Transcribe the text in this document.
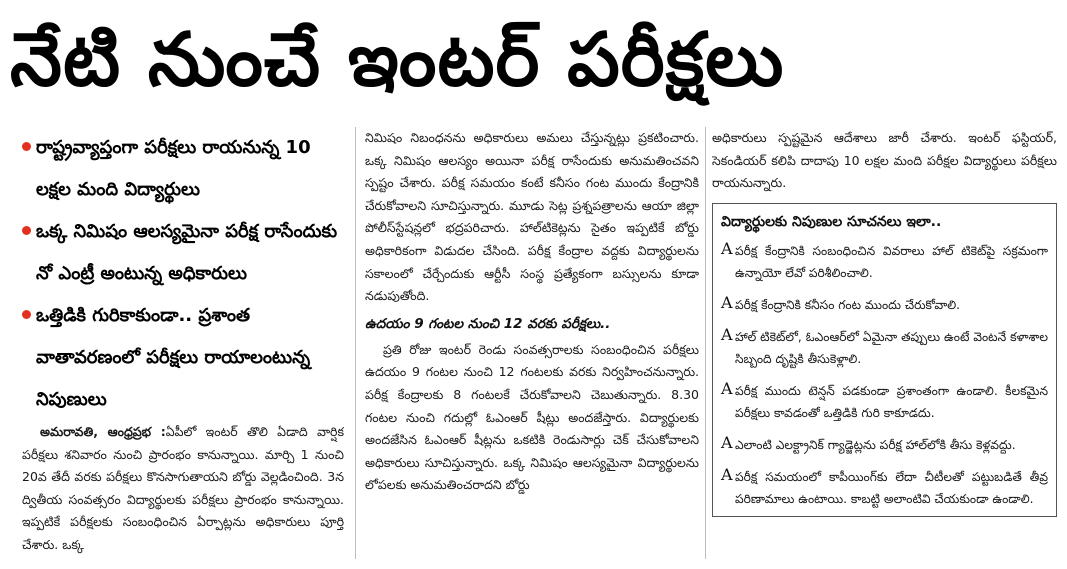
నేటి నుంచే ఇంటర్ పరీక్షలు
రాష్ట్రవ్యాప్తంగా పరీక్షలు రాయనున్న 10 లక్షల మంది విద్యార్థులు
ఒక్క నిమిషం ఆలస్యమైనా పరీక్ష రాసేందుకు నో ఎంట్రీ అంటున్న అధికారులు
ఒత్తిడికి గురికాకుండా.. ప్రశాంత వాతావరణంలో పరీక్షలు రాయాలంటున్న నిపుణులు

అమరావతి, ఆంధ్రప్రభ :ఏపీలో ఇంటర్ తొలి ఏడాది వార్షిక పరీక్షలు శనివారం నుంచి ప్రారంభం కానున్నాయి. మార్చి 1 నుంచి 20వ తేదీ వరకు పరీక్షలు కొనసాగుతాయని బోర్డు వెల్లడించింది. 3న ద్వితీయ సంవత్సరం విద్యార్థులకు పరీక్షలు ప్రారంభం కానున్నాయి. ఇప్పటికే పరీక్షలకు సంబంధించిన ఏర్పాట్లను అధికారులు పూర్తి చేశారు. ఒక్క

నిమిషం నిబంధనను అధికారులు అమలు చేస్తున్నట్లు ప్రకటించారు. ఒక్క నిమిషం ఆలస్యం అయినా పరీక్ష రాసేందుకు అనుమతించవని స్పష్టం చేశారు. పరీక్ష సమయం కంటే కనీసం గంట ముందు కేంద్రానికి చేరుకోవాలని సూచిస్తున్నారు. మూడు సెట్ల ప్రశ్నపత్రాలను ఆయా జిల్లా పోలీస్‌స్టేషన్లలో భద్రపరిచారు. హాల్‌టికెట్లను సైతం ఇప్పటికే బోర్డు అధికారికంగా విడుదల చేసింది. పరీక్ష కేంద్రాల వద్దకు విద్యార్థులను సకాలంలో చేర్చేందుకు ఆర్టీసీ సంస్థ ప్రత్యేకంగా బస్సులను కూడా నడుపుతోంది.

ఉదయం 9 గంటల నుంచి 12 వరకు పరీక్షలు..

ప్రతి రోజు ఇంటర్ రెండు సంవత్సరాలకు సంబంధించిన పరీక్షలు ఉదయం 9 గంటల నుంచి 12 గంటలకు వరకు నిర్వహించనున్నారు. పరీక్ష కేంద్రాలకు 8 గంటలకే చేరుకోవాలని చెబుతున్నారు. 8.30 గంటల నుంచి గదుల్లో ఓఎంఆర్ షీట్లు అందజేస్తారు. విద్యార్థులకు అందజేసిన ఓఎంఆర్ షీట్లను ఒకటికి రెండుసార్లు చెక్ చేసుకోవాలని అధికారులు సూచిస్తున్నారు. ఒక్క నిమిషం ఆలస్యమైనా విద్యార్థులను లోపలకు అనుమతించరాదని బోర్డు

అధికారులు స్పష్టమైన ఆదేశాలు జారీ చేశారు. ఇంటర్ ఫస్టియర్, సెకండియర్ కలిపి దాదాపు 10 లక్షల మంది పరీక్షల విద్యార్థులు పరీక్షలు రాయనున్నారు.

విద్యార్థులకు నిపుణుల సూచనలు ఇలా..
A పరీక్ష కేంద్రానికి సంబంధించిన వివరాలు హాల్ టికెట్‌పై సక్రమంగా ఉన్నాయో లేవో పరిశీలించాలి.
A పరీక్ష కేంద్రానికి కనీసం గంట ముందు చేరుకోవాలి.
A హాల్ టికెట్‌లో, ఓఎంఆర్‌లో ఏమైనా తప్పులు ఉంటే వెంటనే కళాశాల సిబ్బంది దృష్టికి తీసుకెళ్లాలి.
A పరీక్ష ముందు టెన్షన్ పడకుండా ప్రశాంతంగా ఉండాలి. కీలకమైన పరీక్షలు కావడంతో ఒత్తిడికి గురి కాకూడదు.
A ఎలాంటి ఎలక్ట్రానిక్ గ్యాడ్జెట్లను పరీక్ష హాల్‌లోకి తీసు కెళ్లవద్దు.
A పరీక్ష సమయంలో కాపీయింగ్‌కు లేదా చీటీలతో పట్టుబడితే తీవ్ర పరిణామాలు ఉంటాయి. కాబట్టి అలాంటివి చేయకుండా ఉండాలి.
